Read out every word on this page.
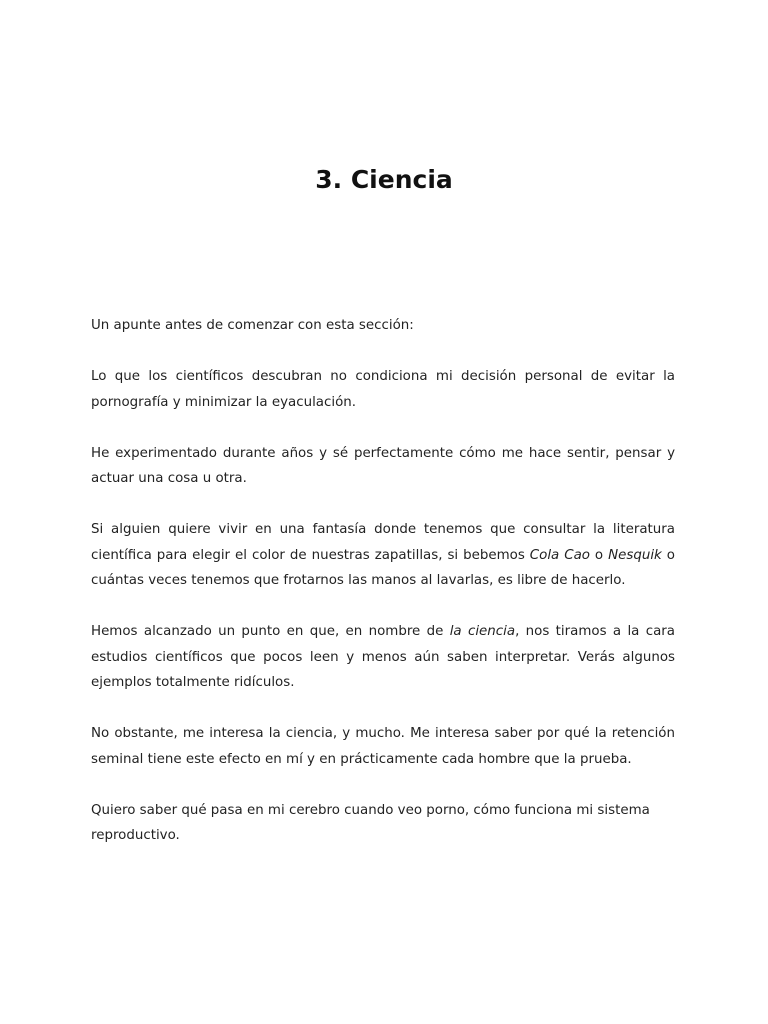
3. Ciencia

Un apunte antes de comenzar con esta sección:

Lo que los científicos descubran no condiciona mi decisión personal de evitar la pornografía y minimizar la eyaculación.

He experimentado durante años y sé perfectamente cómo me hace sentir, pensar y actuar una cosa u otra.

Si alguien quiere vivir en una fantasía donde tenemos que consultar la literatura científica para elegir el color de nuestras zapatillas, si bebemos Cola Cao o Nesquik o cuántas veces tenemos que frotarnos las manos al lavarlas, es libre de hacerlo.

Hemos alcanzado un punto en que, en nombre de la ciencia, nos tiramos a la cara estudios científicos que pocos leen y menos aún saben interpretar. Verás algunos ejemplos totalmente ridículos.

No obstante, me interesa la ciencia, y mucho. Me interesa saber por qué la retención seminal tiene este efecto en mí y en prácticamente cada hombre que la prueba.

Quiero saber qué pasa en mi cerebro cuando veo porno, cómo funciona mi sistema reproductivo.
